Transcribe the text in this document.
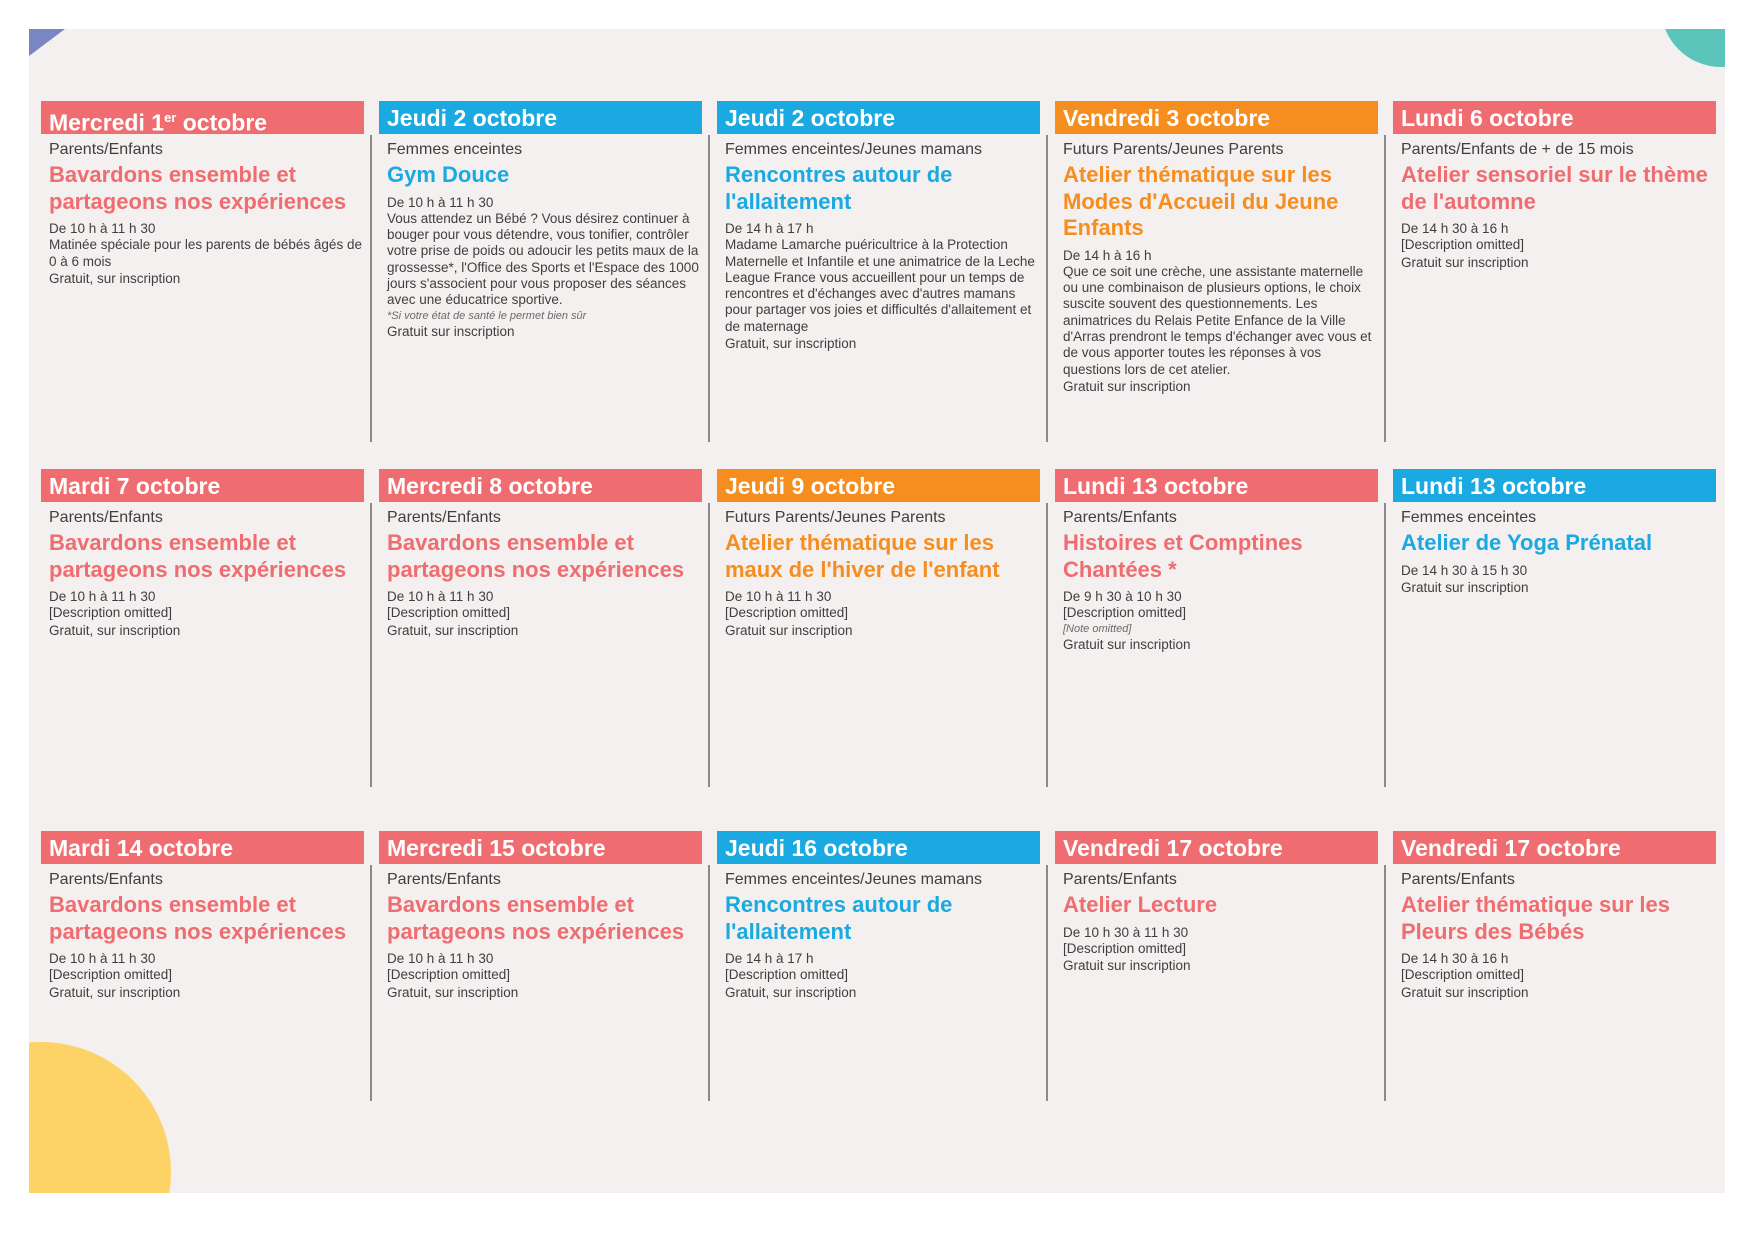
Mercredi 1er octobre
Parents/Enfants
Bavardons ensemble et partageons nos expériences
De 10 h à 11 h 30
Matinée spéciale pour les parents de bébés âgés de 0 à 6 mois
Gratuit, sur inscription
Jeudi 2 octobre
Femmes enceintes
Gym Douce
De 10 h à 11 h 30
Vous attendez un Bébé ? Vous désirez continuer à bouger pour vous détendre, vous tonifier, contrôler votre prise de poids ou adoucir les petits maux de la grossesse*, l'Office des Sports et l'Espace des 1000 jours s'associent pour vous proposer des séances avec une éducatrice sportive.
*Si votre état de santé le permet bien sûr
Gratuit sur inscription
Jeudi 2 octobre
Femmes enceintes/Jeunes mamans
Rencontres autour de l'allaitement
De 14 h à 17 h
Madame Lamarche puéricultrice à la Protection Maternelle et Infantile et une animatrice de la Leche League France vous accueillent pour un temps de rencontres et d'échanges avec d'autres mamans pour partager vos joies et difficultés d'allaitement et de maternage
Gratuit, sur inscription
Vendredi 3 octobre
Futurs Parents/Jeunes Parents
Atelier thématique sur les Modes d'Accueil du Jeune Enfants
De 14 h à 16 h
Que ce soit une crèche, une assistante maternelle ou une combinaison de plusieurs options, le choix suscite souvent des questionnements. Les animatrices du Relais Petite Enfance de la Ville d'Arras prendront le temps d'échanger avec vous et de vous apporter toutes les réponses à vos questions lors de cet atelier.
Gratuit sur inscription
Lundi 6 octobre
Parents/Enfants de + de 15 mois
Atelier sensoriel sur le thème de l'automne
De 14 h 30 à 16 h
[Description omitted]
Gratuit sur inscription
Mardi 7 octobre
Parents/Enfants
Bavardons ensemble et partageons nos expériences
De 10 h à 11 h 30
[Description omitted]
Gratuit, sur inscription
Mercredi 8 octobre
Parents/Enfants
Bavardons ensemble et partageons nos expériences
De 10 h à 11 h 30
[Description omitted]
Gratuit, sur inscription
Jeudi 9 octobre
Futurs Parents/Jeunes Parents
Atelier thématique sur les maux de l'hiver de l'enfant
De 10 h à 11 h 30
[Description omitted]
Gratuit sur inscription
Lundi 13 octobre
Parents/Enfants
Histoires et Comptines Chantées *
De 9 h 30 à 10 h 30
[Description omitted]
[Note omitted]
Gratuit sur inscription
Lundi 13 octobre
Femmes enceintes
Atelier de Yoga Prénatal
De 14 h 30 à 15 h 30
Gratuit sur inscription
Mardi 14 octobre
Parents/Enfants
Bavardons ensemble et partageons nos expériences
De 10 h à 11 h 30
[Description omitted]
Gratuit, sur inscription
Mercredi 15 octobre
Parents/Enfants
Bavardons ensemble et partageons nos expériences
De 10 h à 11 h 30
[Description omitted]
Gratuit, sur inscription
Jeudi 16 octobre
Femmes enceintes/Jeunes mamans
Rencontres autour de l'allaitement
De 14 h à 17 h
[Description omitted]
Gratuit, sur inscription
Vendredi 17 octobre
Parents/Enfants
Atelier Lecture
De 10 h 30 à 11 h 30
[Description omitted]
Gratuit sur inscription
Vendredi 17 octobre
Parents/Enfants
Atelier thématique sur les Pleurs des Bébés
De 14 h 30 à 16 h
[Description omitted]
Gratuit sur inscription
